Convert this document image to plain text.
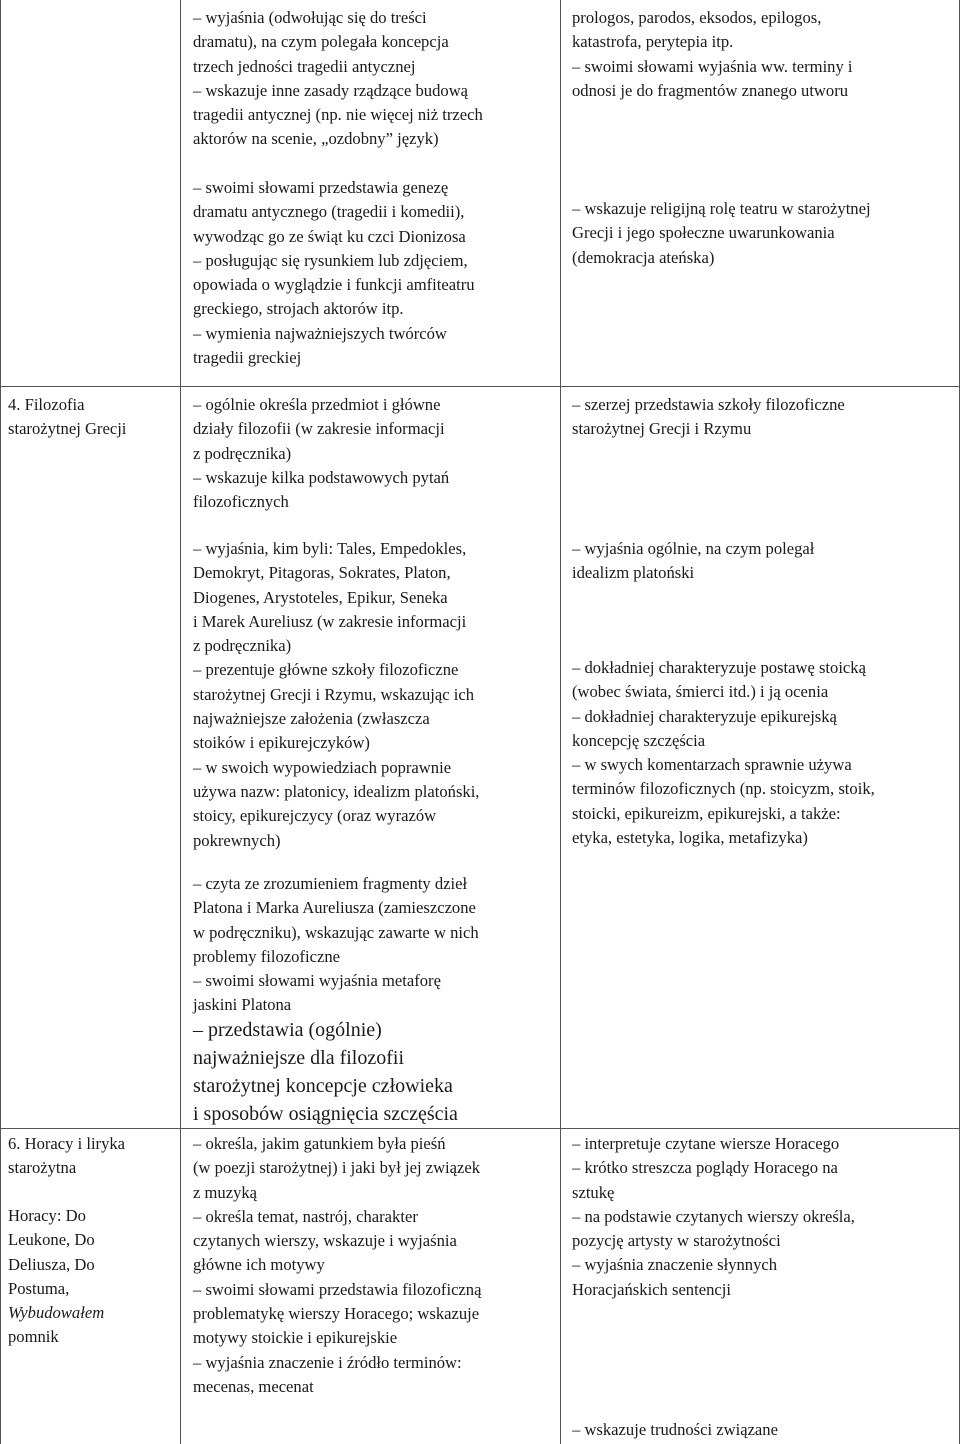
– wyjaśnia (odwołując się do treści

dramatu), na czym polegała koncepcja

trzech jedności tragedii antycznej

– wskazuje inne zasady rządzące budową

tragedii antycznej (np. nie więcej niż trzech

aktorów na scenie, „ozdobny” język)

prologos, parodos, eksodos, epilogos,

katastrofa, perytepia itp.

– swoimi słowami wyjaśnia ww. terminy i

odnosi je do fragmentów znanego utworu

– swoimi słowami przedstawia genezę

dramatu antycznego (tragedii i komedii),

wywodząc go ze świąt ku czci Dionizosa

– posługując się rysunkiem lub zdjęciem,

opowiada o wyglądzie i funkcji amfiteatru

greckiego, strojach aktorów itp.

– wymienia najważniejszych twórców

tragedii greckiej

– wskazuje religijną rolę teatru w starożytnej

Grecji i jego społeczne uwarunkowania

(demokracja ateńska)

4. Filozofia

starożytnej Grecji

– ogólnie określa przedmiot i główne

działy filozofii (w zakresie informacji

z podręcznika)

– wskazuje kilka podstawowych pytań

filozoficznych

– szerzej przedstawia szkoły filozoficzne

starożytnej Grecji i Rzymu

– wyjaśnia, kim byli: Tales, Empedokles,

Demokryt, Pitagoras, Sokrates, Platon,

Diogenes, Arystoteles, Epikur, Seneka

i Marek Aureliusz (w zakresie informacji

z podręcznika)

– prezentuje główne szkoły filozoficzne

starożytnej Grecji i Rzymu, wskazując ich

najważniejsze założenia (zwłaszcza

stoików i epikurejczyków)

– w swoich wypowiedziach poprawnie

używa nazw: platonicy, idealizm platoński,

stoicy, epikurejczycy (oraz wyrazów

pokrewnych)

– wyjaśnia ogólnie, na czym polegał

idealizm platoński

– dokładniej charakteryzuje postawę stoicką

(wobec świata, śmierci itd.) i ją ocenia

– dokładniej charakteryzuje epikurejską

koncepcję szczęścia

– w swych komentarzach sprawnie używa

terminów filozoficznych (np. stoicyzm, stoik,

stoicki, epikureizm, epikurejski, a także:

etyka, estetyka, logika, metafizyka)

– czyta ze zrozumieniem fragmenty dzieł

Platona i Marka Aureliusza (zamieszczone

w podręczniku), wskazując zawarte w nich

problemy filozoficzne

– swoimi słowami wyjaśnia metaforę

jaskini Platona

– przedstawia (ogólnie)

najważniejsze dla filozofii

starożytnej koncepcje człowieka

i sposobów osiągnięcia szczęścia

6. Horacy i liryka

starożytna

Horacy: Do

Leukone, Do

Deliusza, Do

Postuma,

Wybudowałem

pomnik

– określa, jakim gatunkiem była pieśń

(w poezji starożytnej) i jaki był jej związek

z muzyką

– określa temat, nastrój, charakter

czytanych wierszy, wskazuje i wyjaśnia

główne ich motywy

– swoimi słowami przedstawia filozoficzną

problematykę wierszy Horacego; wskazuje

motywy stoickie i epikurejskie

– wyjaśnia znaczenie i źródło terminów:

mecenas, mecenat

– interpretuje czytane wiersze Horacego

– krótko streszcza poglądy Horacego na

sztukę

– na podstawie czytanych wierszy określa,

pozycję artysty w starożytności

– wyjaśnia znaczenie słynnych

Horacjańskich sentencji

– wskazuje trudności związane
